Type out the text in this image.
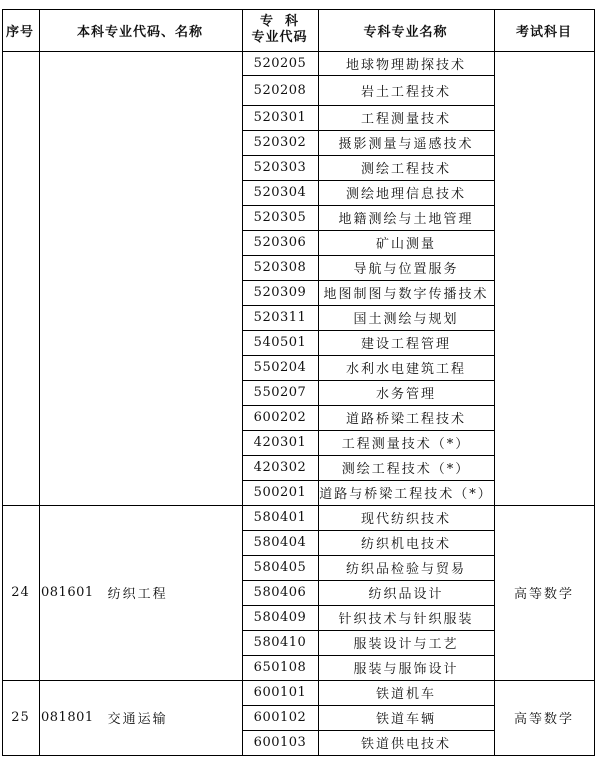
序号	本科专业代码、名称
专  科
专业代码	专科专业名称	考试科目
520205	地球物理勘探技术
520208	岩土工程技术
520301	工程测量技术
520302	摄影测量与遥感技术
520303	测绘工程技术
520304	测绘地理信息技术
520305	地籍测绘与土地管理
520306	矿山测量
520308	导航与位置服务
520309	地图制图与数字传播技术
520311	国土测绘与规划
540501	建设工程管理
550204	水利水电建筑工程
550207	水务管理
600202	道路桥梁工程技术
420301	工程测量技术（*）
420302	测绘工程技术（*）
500201 道路与桥梁工程技术（*）
580401	现代纺织技术
580404	纺织机电技术
580405	纺织品检验与贸易
580406	纺织品设计
580409	针织技术与针织服装
580410	服装设计与工艺
650108	服装与服饰设计
24 081601 纺织工程	高等数学
600101	铁道机车
600102	铁道车辆
600103	铁道供电技术
25 081801 交通运输	高等数学
